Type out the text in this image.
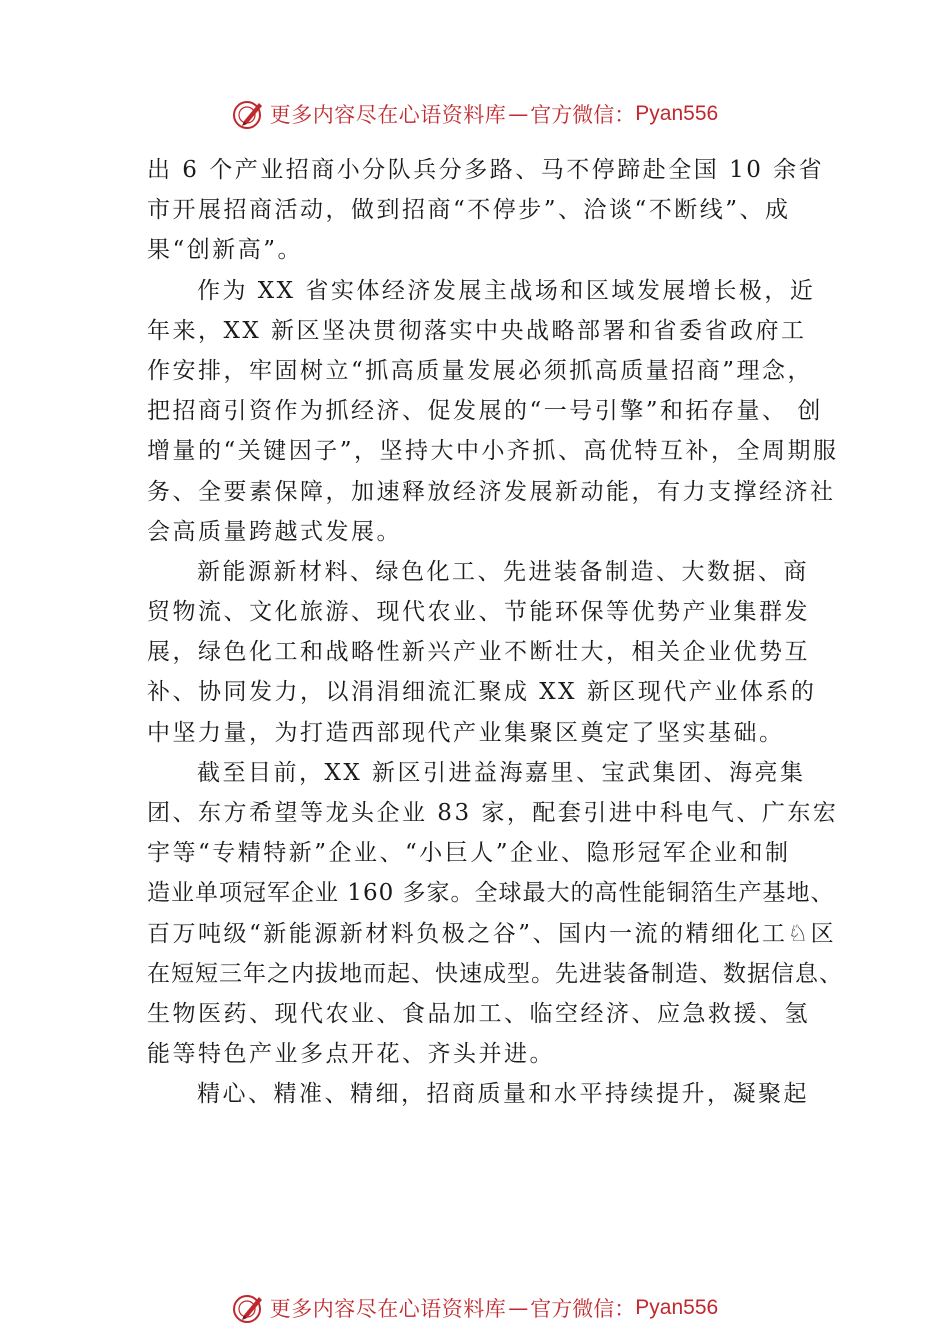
更多内容尽在心语资料库 — 官方微信： Pyan556
出 6 个产业招商小分队兵分多路、马不停蹄赴全国 10 余省
市开展招商活动，做到招商“不停步”、洽谈“不断线”、成
果“创新高”。
作为 XX 省实体经济发展主战场和区域发展增长极，近
年来，XX 新区坚决贯彻落实中央战略部署和省委省政府工
作安排，牢固树立“抓高质量发展必须抓高质量招商”理念，
把招商引资作为抓经济、促发展的“一号引擎”和拓存量、 创
增量的“关键因子”，坚持大中小齐抓、高优特互补，全周期服
务、全要素保障，加速释放经济发展新动能，有力支撑经济社
会高质量跨越式发展。
新能源新材料、绿色化工、先进装备制造、大数据、商
贸物流、文化旅游、现代农业、节能环保等优势产业集群发
展，绿色化工和战略性新兴产业不断壮大，相关企业优势互
补、协同发力，以涓涓细流汇聚成 XX 新区现代产业体系的
中坚力量，为打造西部现代产业集聚区奠定了坚实基础。
截至目前，XX 新区引进益海嘉里、宝武集团、海亮集
团、东方希望等龙头企业 83 家，配套引进中科电气、广东宏
宇等“专精特新”企业、“小巨人”企业、隐形冠军企业和制
造业单项冠军企业 160 多家。全球最大的高性能铜箔生产基地、
百万吨级“新能源新材料负极之谷”、国内一流的精细化工♘区
在短短三年之内拔地而起、快速成型。先进装备制造、数据信息、
生物医药、现代农业、食品加工、临空经济、应急救援、氢
能等特色产业多点开花、齐头并进。
精心、精准、精细，招商质量和水平持续提升，凝聚起
更多内容尽在心语资料库 — 官方微信： Pyan556
